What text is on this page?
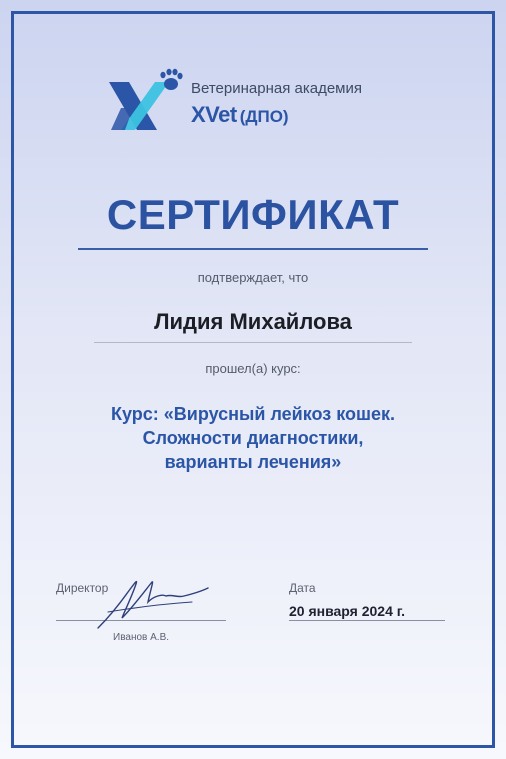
Ветеринарная академия
XVet (ДПО)
СЕРТИФИКАТ
подтверждает, что
Лидия Михайлова
прошел(а) курс:
Курс: «Вирусный лейкоз кошек.
Сложности диагностики,
варианты лечения»
Директор
Иванов А.В.
Дата
20 января 2024 г.
